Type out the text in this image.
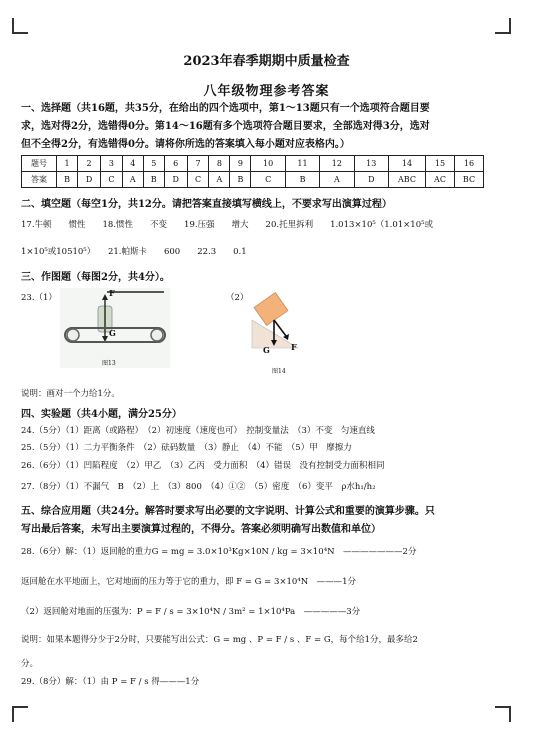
2023年春季期期中质量检查
八年级物理参考答案
一、选择题（共16题，共35分，在给出的四个选项中，第1～13题只有一个选项符合题目要
求，选对得2分，选错得0分。第14～16题有多个选项符合题目要求，全部选对得3分，选对
但不全得2分，有选错得0分。请将你所选的答案填入每小题对应表格内。）
题号	1	2	3	4	5	6	7	8	9	10	11	12	13	14	15	16
答案	B	D	C	A	B	D	C	A	B	C	B	A	D	ABC	AC	BC
二、填空题（每空1分，共12分。请把答案直接填写横线上，不要求写出演算过程）
17.牛顿　　惯性　　18.惯性　　不变　　19.压强　　增大　　20.托里拆利　　1.013×10⁵（1.01×10⁵或
1×10⁵或10510⁵）　　21.帕斯卡　　600　　22.3　　0.1
三、作图题（每图2分，共4分）。
23.（1）	（2）
F
G
图13
G	F
图14
说明：画对一个力给1分。
四、实验题（共4小题，满分25分）
24.（5分）（1）距离（或路程）　（2）初速度（速度也可）　控制变量法　（3）不变　匀速直线
25.（5分）（1）二力平衡条件　（2）砝码数量　（3）静止　（4）不能　（5）甲　摩擦力
26.（6分）（1）凹陷程度　（2）甲乙　（3）乙丙　受力面积　（4）错误　没有控制受力面积相同
27.（8分）（1）不漏气　B　（2）上　（3）800　（4）①②　（5）密度　（6）变平　ρ水h₁/h₂
五、综合应用题（共24分。解答时要求写出必要的文字说明、计算公式和重要的演算步骤。只
写出最后答案，未写出主要演算过程的，不得分。答案必须明确写出数值和单位）
28.（6分）解：（1）返回舱的重力G = mg = 3.0×10³Kg×10N / kg = 3×10⁴N　———————2分
返回舱在水平地面上，它对地面的压力等于它的重力，即 F = G = 3×10⁴N　———1分
（2）返回舱对地面的压强为：P = F / s = 3×10⁴N / 3m² = 1×10⁴Pa　—————3分
说明：如果本题得分少于2分时，只要能写出公式：G = mg 、P = F / s 、F = G，每个给1分，最多给2
分。
29.（8分）解：（1）由 P = F / s 得———1分
